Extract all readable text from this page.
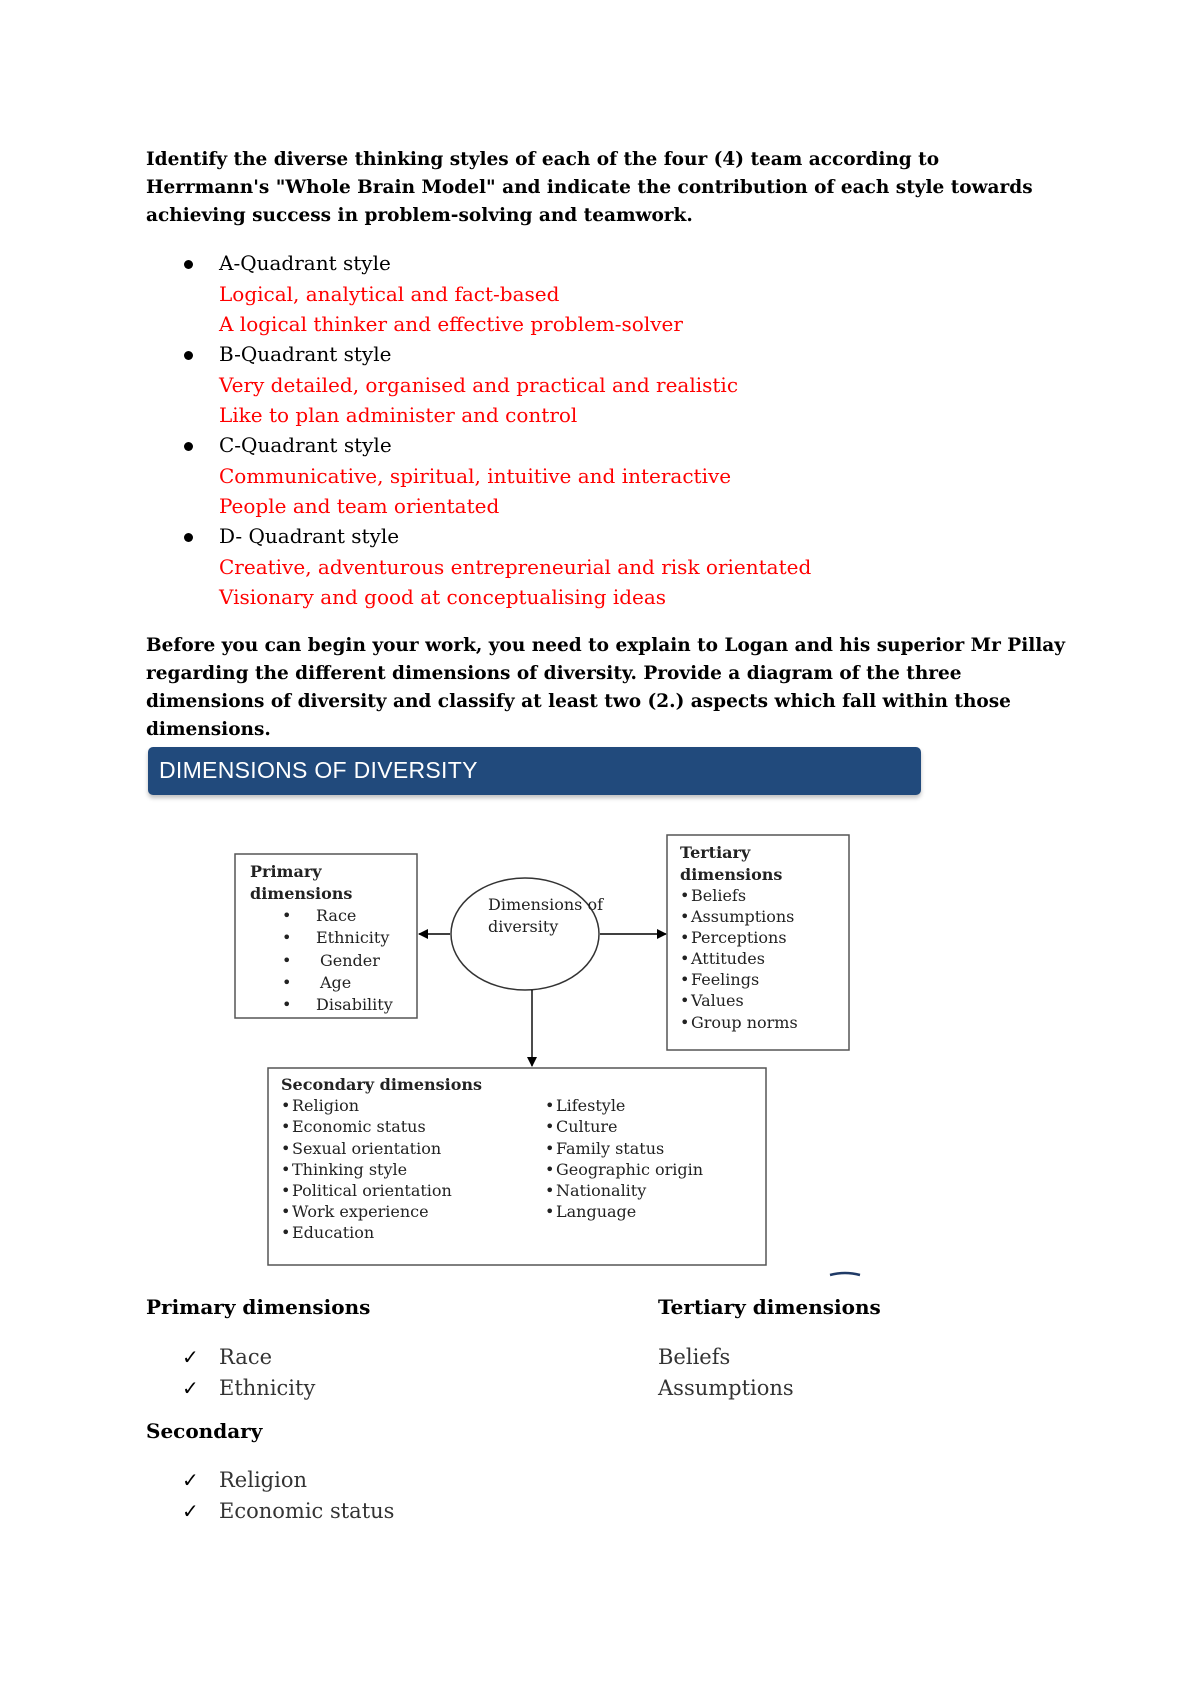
Identify the diverse thinking styles of each of the four (4) team according to Herrmann's "Whole Brain Model" and indicate the contribution of each style towards achieving success in problem-solving and teamwork.

A-Quadrant style
Logical, analytical and fact-based
A logical thinker and effective problem-solver
B-Quadrant style
Very detailed, organised and practical and realistic
Like to plan administer and control
C-Quadrant style
Communicative, spiritual, intuitive and interactive
People and team orientated
D- Quadrant style
Creative, adventurous entrepreneurial and risk orientated
Visionary and good at conceptualising ideas

Before you can begin your work, you need to explain to Logan and his superior Mr Pillay regarding the different dimensions of diversity. Provide a diagram of the three dimensions of diversity and classify at least two (2.) aspects which fall within those dimensions.

DIMENSIONS OF DIVERSITY
Primary
dimensions
• Race
• Ethnicity
• Gender
• Age
• Disability
Dimensions of
diversity
Tertiary
dimensions
• Beliefs
• Assumptions
• Perceptions
• Attitudes
• Feelings
• Values
• Group norms
Secondary dimensions
• Religion
• Economic status
• Sexual orientation
• Thinking style
• Political orientation
• Work experience
• Education
• Lifestyle
• Culture
• Family status
• Geographic origin
• Nationality
• Language
Primary dimensions
✓ Race
✓ Ethnicity
Tertiary dimensions
Beliefs
Assumptions
Secondary
✓ Religion
✓ Economic status
